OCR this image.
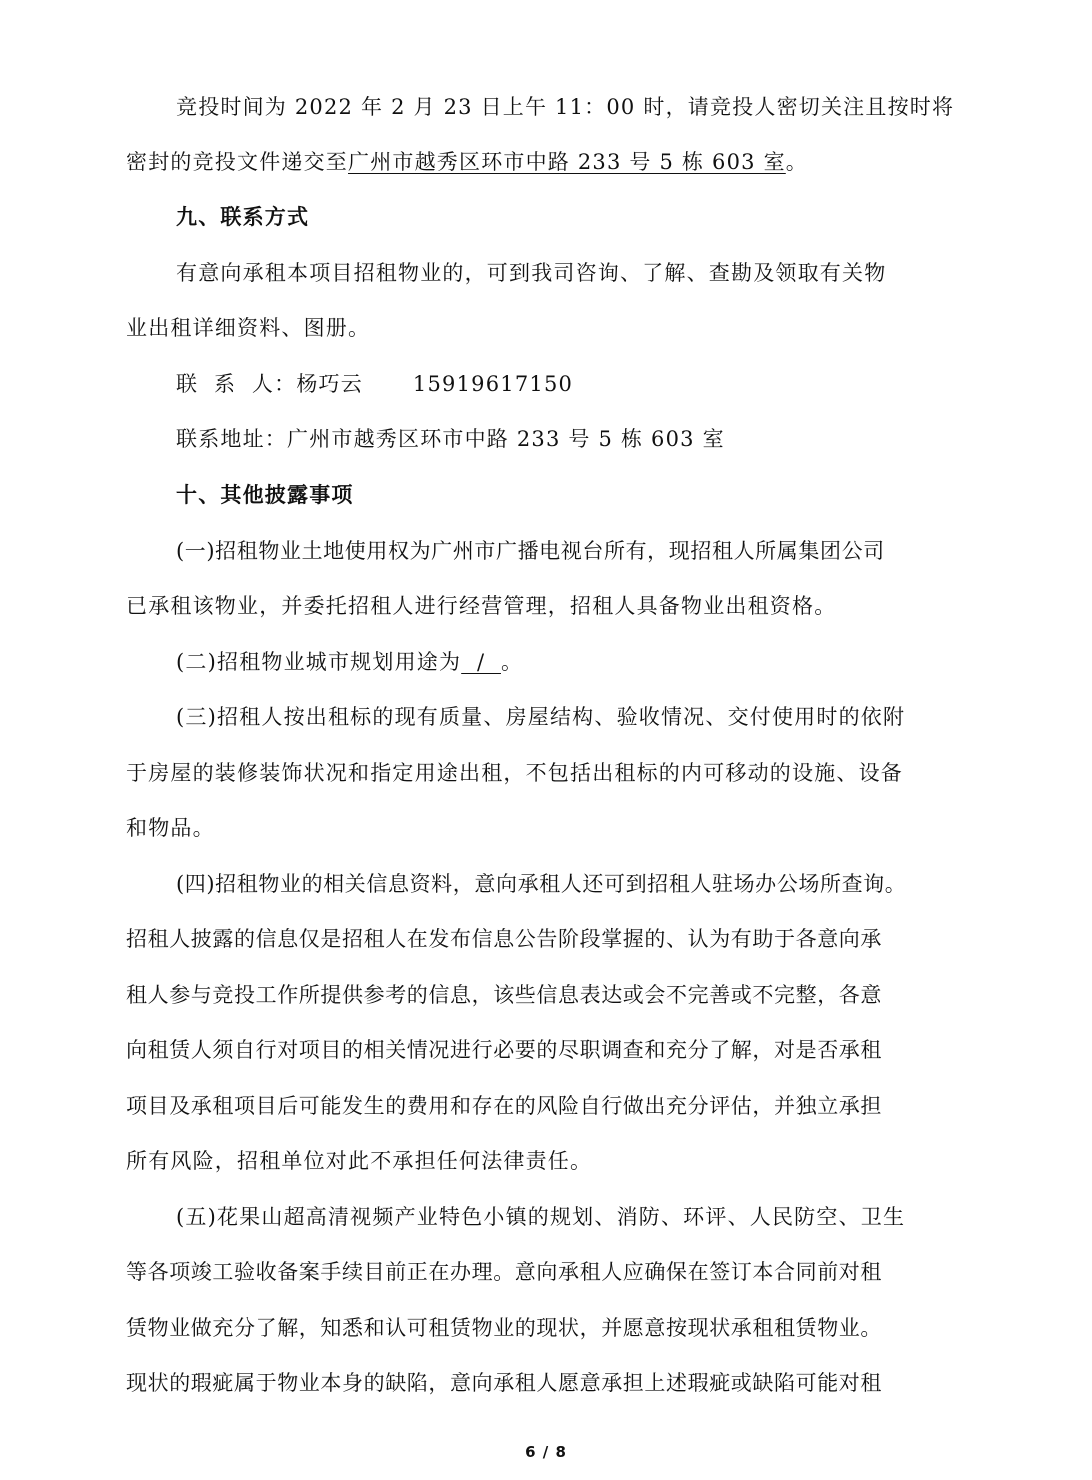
竞投时间为 2022 年 2 月 23 日上午 11：00 时，请竞投人密切关注且按时将
密封的竞投文件递交至广州市越秀区环市中路 233 号 5 栋 603 室。
九、联系方式
有意向承租本项目招租物业的，可到我司咨询、了解、查勘及领取有关物
业出租详细资料、图册。
联  系  人：杨巧云 15919617150
联系地址：广州市越秀区环市中路 233 号 5 栋 603 室
十、其他披露事项
(一)招租物业土地使用权为广州市广播电视台所有，现招租人所属集团公司
已承租该物业，并委托招租人进行经营管理，招租人具备物业出租资格。
(二)招租物业城市规划用途为  /  。
(三)招租人按出租标的现有质量、房屋结构、验收情况、交付使用时的依附
于房屋的装修装饰状况和指定用途出租，不包括出租标的内可移动的设施、设备
和物品。
(四)招租物业的相关信息资料，意向承租人还可到招租人驻场办公场所查询。
招租人披露的信息仅是招租人在发布信息公告阶段掌握的、认为有助于各意向承
租人参与竞投工作所提供参考的信息，该些信息表达或会不完善或不完整，各意
向租赁人须自行对项目的相关情况进行必要的尽职调查和充分了解，对是否承租
项目及承租项目后可能发生的费用和存在的风险自行做出充分评估，并独立承担
所有风险，招租单位对此不承担任何法律责任。
(五)花果山超高清视频产业特色小镇的规划、消防、环评、人民防空、卫生
等各项竣工验收备案手续目前正在办理。意向承租人应确保在签订本合同前对租
赁物业做充分了解，知悉和认可租赁物业的现状，并愿意按现状承租租赁物业。
现状的瑕疵属于物业本身的缺陷，意向承租人愿意承担上述瑕疵或缺陷可能对租
6 / 8
